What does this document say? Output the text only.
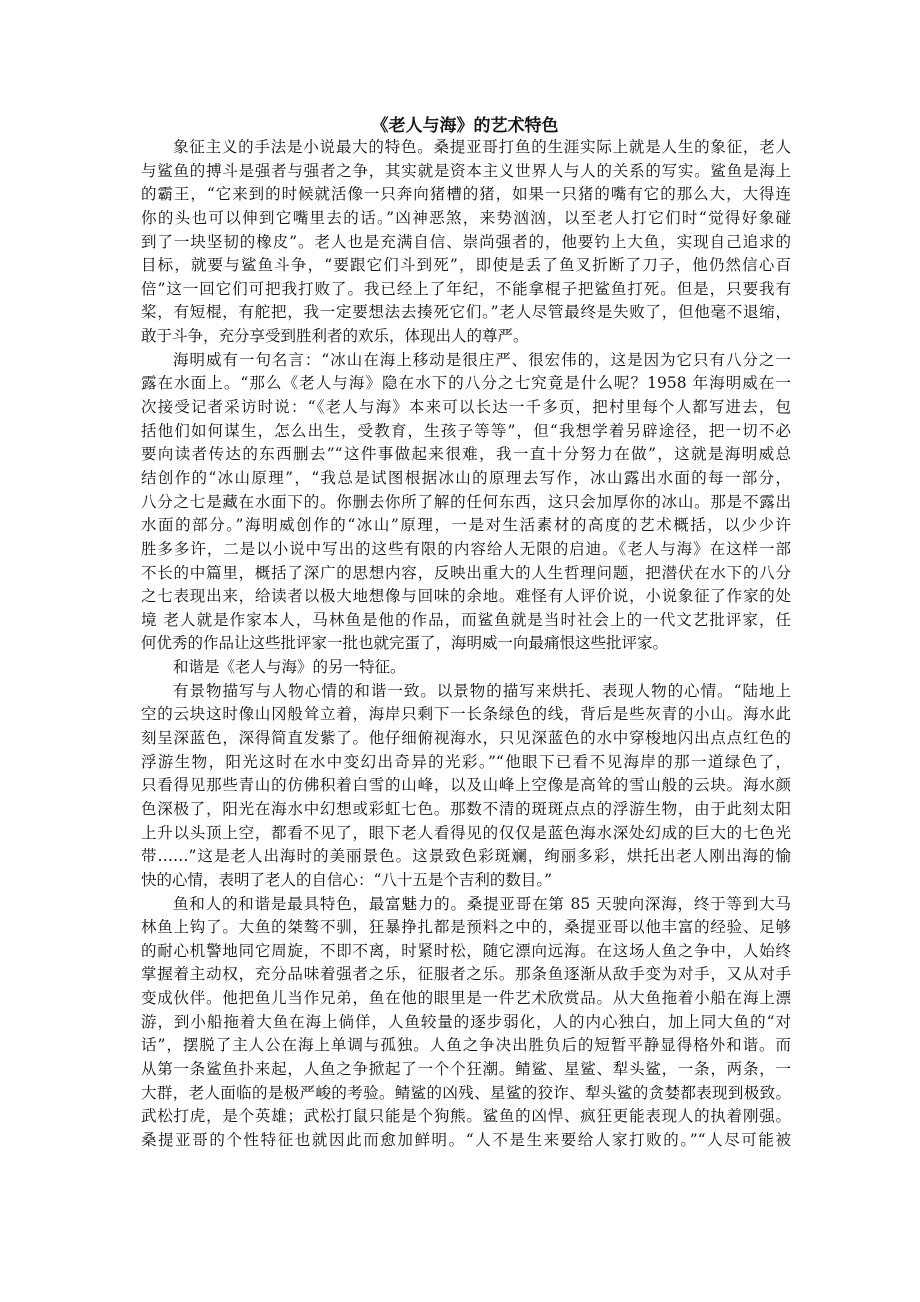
《老人与海》的艺术特色
象征主义的手法是小说最大的特色。桑提亚哥打鱼的生涯实际上就是人生的象征，老人
与鲨鱼的搏斗是强者与强者之争，其实就是资本主义世界人与人的关系的写实。鲨鱼是海上
的霸王，“它来到的时候就活像一只奔向猪槽的猪，如果一只猪的嘴有它的那么大，大得连
你的头也可以伸到它嘴里去的话。”凶神恶煞，来势汹汹，以至老人打它们时“觉得好象碰
到了一块坚韧的橡皮”。老人也是充满自信、崇尚强者的，他要钓上大鱼，实现自己追求的
目标，就要与鲨鱼斗争，“要跟它们斗到死”，即使是丢了鱼叉折断了刀子，他仍然信心百
倍”这一回它们可把我打败了。我已经上了年纪，不能拿棍子把鲨鱼打死。但是，只要我有
桨，有短棍，有舵把，我一定要想法去揍死它们。”老人尽管最终是失败了，但他毫不退缩，
敢于斗争，充分享受到胜利者的欢乐，体现出人的尊严。
海明威有一句名言：“冰山在海上移动是很庄严、很宏伟的，这是因为它只有八分之一
露在水面上。“那么《老人与海》隐在水下的八分之七究竟是什么呢？1958 年海明威在一
次接受记者采访时说：“《老人与海》本来可以长达一千多页，把村里每个人都写进去，包
括他们如何谋生，怎么出生，受教育，生孩子等等”，但“我想学着另辟途径，把一切不必
要向读者传达的东西删去”“这件事做起来很难，我一直十分努力在做”，这就是海明威总
结创作的“冰山原理”，“我总是试图根据冰山的原理去写作，冰山露出水面的每一部分，
八分之七是藏在水面下的。你删去你所了解的任何东西，这只会加厚你的冰山。那是不露出
水面的部分。”海明威创作的“冰山”原理，一是对生活素材的高度的艺术概括，以少少许
胜多多许，二是以小说中写出的这些有限的内容给人无限的启迪。《老人与海》在这样一部
不长的中篇里，概括了深广的思想内容，反映出重大的人生哲理问题，把潜伏在水下的八分
之七表现出来，给读者以极大地想像与回味的余地。难怪有人评价说，小说象征了作家的处
境 老人就是作家本人，马林鱼是他的作品，而鲨鱼就是当时社会上的一代文艺批评家，任
何优秀的作品让这些批评家一批也就完蛋了，海明威一向最痛恨这些批评家。
和谐是《老人与海》的另一特征。
有景物描写与人物心情的和谐一致。以景物的描写来烘托、表现人物的心情。“陆地上
空的云块这时像山冈般耸立着，海岸只剩下一长条绿色的线，背后是些灰青的小山。海水此
刻呈深蓝色，深得简直发紫了。他仔细俯视海水，只见深蓝色的水中穿梭地闪出点点红色的
浮游生物，阳光这时在水中变幻出奇异的光彩。”“他眼下已看不见海岸的那一道绿色了，
只看得见那些青山的仿佛积着白雪的山峰，以及山峰上空像是高耸的雪山般的云块。海水颜
色深极了，阳光在海水中幻想或彩虹七色。那数不清的斑斑点点的浮游生物，由于此刻太阳
上升以头顶上空，都看不见了，眼下老人看得见的仅仅是蓝色海水深处幻成的巨大的七色光
带……”这是老人出海时的美丽景色。这景致色彩斑斓，绚丽多彩，烘托出老人刚出海的愉
快的心情，表明了老人的自信心：“八十五是个吉利的数目。”
鱼和人的和谐是最具特色，最富魅力的。桑提亚哥在第 85 天驶向深海，终于等到大马
林鱼上钩了。大鱼的桀骜不驯，狂暴挣扎都是预料之中的，桑提亚哥以他丰富的经验、足够
的耐心机警地同它周旋，不即不离，时紧时松，随它漂向远海。在这场人鱼之争中，人始终
掌握着主动权，充分品味着强者之乐，征服者之乐。那条鱼逐渐从敌手变为对手，又从对手
变成伙伴。他把鱼儿当作兄弟，鱼在他的眼里是一件艺术欣赏品。从大鱼拖着小船在海上漂
游，到小船拖着大鱼在海上倘佯，人鱼较量的逐步弱化，人的内心独白，加上同大鱼的“对
话”，摆脱了主人公在海上单调与孤独。人鱼之争决出胜负后的短暂平静显得格外和谐。而
从第一条鲨鱼扑来起，人鱼之争掀起了一个个狂潮。鲭鲨、星鲨、犁头鲨，一条，两条，一
大群，老人面临的是极严峻的考验。鲭鲨的凶残、星鲨的狡诈、犁头鲨的贪婪都表现到极致。
武松打虎，是个英雄；武松打鼠只能是个狗熊。鲨鱼的凶悍、疯狂更能表现人的执着刚强。
桑提亚哥的个性特征也就因此而愈加鲜明。“人不是生来要给人家打败的。”“人尽可能被
